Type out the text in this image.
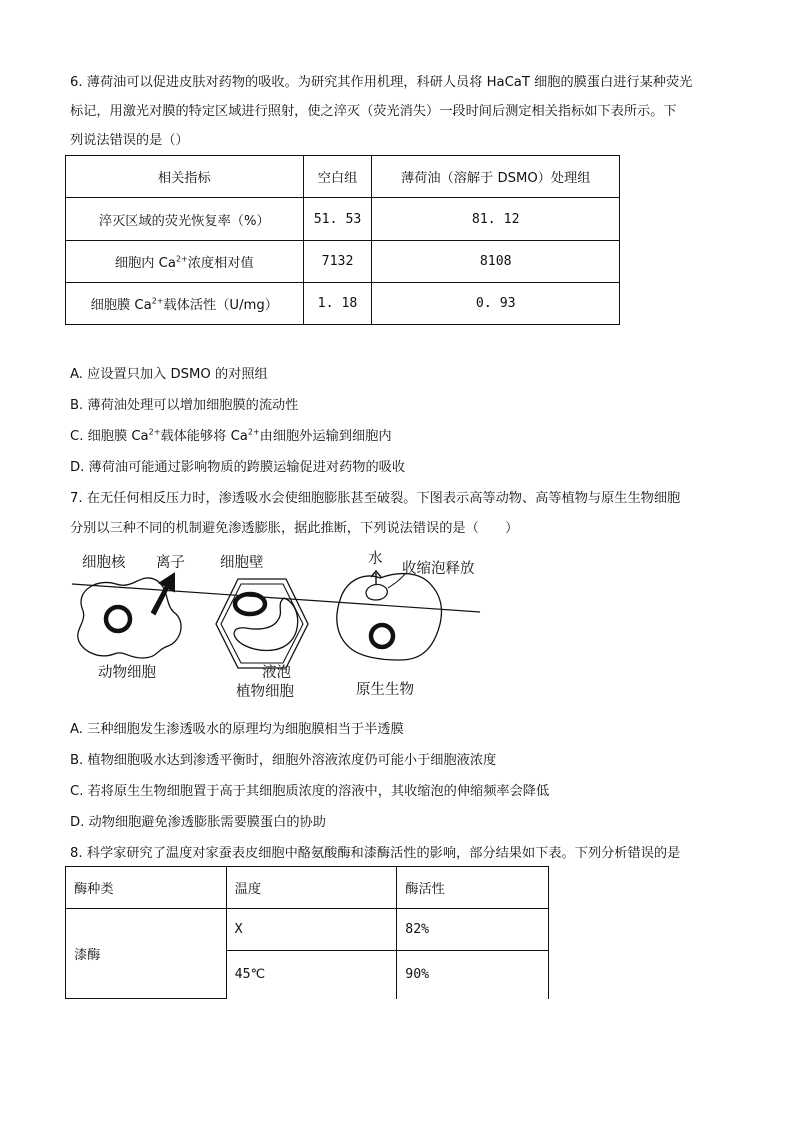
6. 薄荷油可以促进皮肤对药物的吸收。为研究其作用机理，科研人员将 HaCaT 细胞的膜蛋白进行某种荧光
标记，用激光对膜的特定区域进行照射，使之淬灭（荧光消失）一段时间后测定相关指标如下表所示。下
列说法错误的是（）
相关指标	空白组	薄荷油（溶解于 DSMO）处理组
淬灭区域的荧光恢复率（%）	51. 53	81. 12
细胞内 $Ca^{2+}$浓度相对值	7132	8108
细胞膜 $Ca^{2+}$载体活性（U/mg）	1. 18	0. 93
A. 应设置只加入 DSMO 的对照组
B. 薄荷油处理可以增加细胞膜的流动性
C. 细胞膜 $Ca^{2+}$载体能够将 $Ca^{2+}$由细胞外运输到细胞内
D. 薄荷油可能通过影响物质的跨膜运输促进对药物的吸收
7. 在无任何相反压力时，渗透吸水会使细胞膨胀甚至破裂。下图表示高等动物、高等植物与原生生物细胞
分别以三种不同的机制避免渗透膨胀，据此推断，下列说法错误的是（　　）
细胞核 离子 细胞壁	水
收缩泡释放
动物细胞	液泡
植物细胞	原生生物
A. 三种细胞发生渗透吸水的原理均为细胞膜相当于半透膜
B. 植物细胞吸水达到渗透平衡时，细胞外溶液浓度仍可能小于细胞液浓度
C. 若将原生生物细胞置于高于其细胞质浓度的溶液中，其收缩泡的伸缩频率会降低
D. 动物细胞避免渗透膨胀需要膜蛋白的协助
8. 科学家研究了温度对家蚕表皮细胞中酪氨酸酶和漆酶活性的影响，部分结果如下表。下列分析错误的是
酶种类	温度	酶活性
漆酶	X	82%
	45℃	90%
